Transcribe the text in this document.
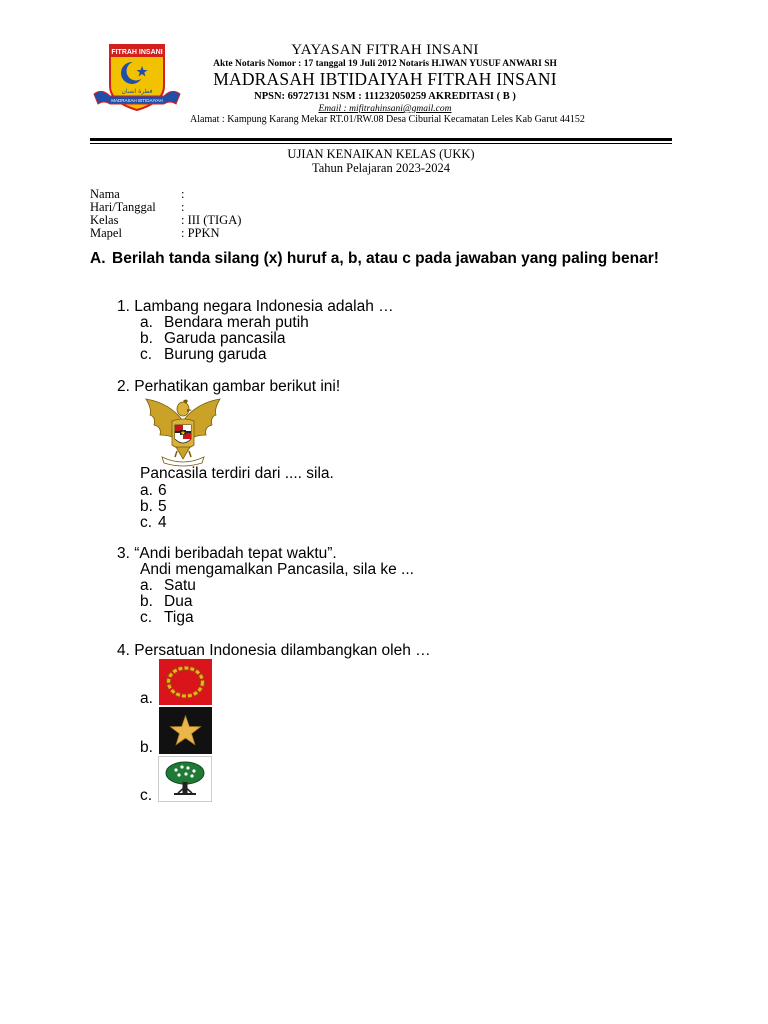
FITRAH INSANI
فطرة انسان
MADRASAH IBTIDAIYAH
YAYASAN FITRAH INSANI
Akte Notaris Nomor : 17 tanggal 19 Juli 2012 Notaris H.IWAN YUSUF ANWARI SH
MADRASAH IBTIDAIYAH FITRAH INSANI
NPSN: 69727131 NSM : 111232050259 AKREDITASI ( B )
Email : mifitrahinsani@gmail.com
Alamat : Kampung Karang Mekar RT.01/RW.08 Desa Ciburial Kecamatan Leles Kab Garut 44152
UJIAN KENAIKAN KELAS (UKK)
Tahun Pelajaran 2023-2024
Nama	:
Hari/Tanggal :
Kelas	: III (TIGA)
Mapel	: PPKN
A. Berilah tanda silang (x) huruf a, b, atau c pada jawaban yang paling benar!
1. Lambang negara Indonesia adalah …
a. Bendara merah putih
b. Garuda pancasila
c. Burung garuda
2. Perhatikan gambar berikut ini!
Pancasila terdiri dari .... sila.
a. 6
b. 5
c. 4
3. “Andi beribadah tepat waktu”.
Andi mengamalkan Pancasila, sila ke ...
a. Satu
b. Dua
c. Tiga
4. Persatuan Indonesia dilambangkan oleh …
a.
b.
c.
